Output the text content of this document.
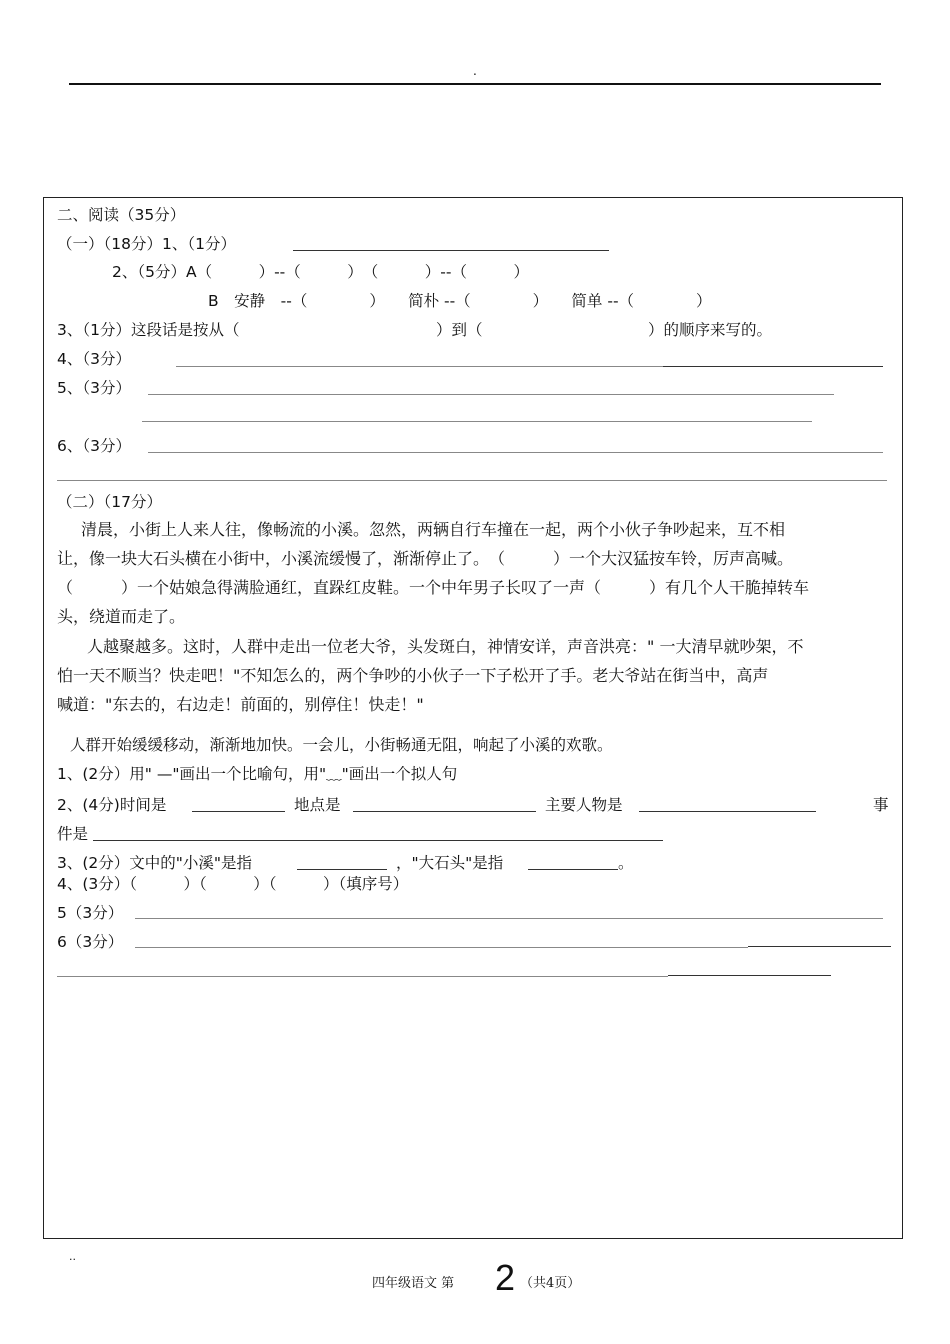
.
二、阅读（35分）
（一）（18分）1、（1分）
2、（5分）A（　　　）--（　　　）　（　　　）--（　　　）
B　安静　--（　　　　）　　简朴 --（　　　　）　　简单 --（　　　　）
3、（1分）这段话是按从（	）到（	）的顺序来写的。
4、（3分）
5、（3分）
6、（3分）
（二）（17分）
清晨，小街上人来人往，像畅流的小溪。忽然，两辆自行车撞在一起，两个小伙子争吵起来，互不相
让，像一块大石头横在小街中，小溪流缓慢了，渐渐停止了。　（　　　）一个大汉猛按车铃，厉声高喊。
（　　　）一个姑娘急得满脸通红，直跺红皮鞋。一个中年男子长叹了一声（　　　）有几个人干脆掉转车
头，绕道而走了。
人越聚越多。这时，人群中走出一位老大爷，头发斑白，神情安详，声音洪亮：" 一大清早就吵架，不
怕一天不顺当？快走吧！"不知怎么的，两个争吵的小伙子一下子松开了手。老大爷站在街当中，高声
喊道："东去的，右边走！前面的，别停住！快走！"
人群开始缓缓移动，渐渐地加快。一会儿，小街畅通无阻，响起了小溪的欢歌。
1、(2分）用" —"画出一个比喻句，用"﹏"画出一个拟人句
2、(4分)时间是	地点是	主要人物是	事
件是
3、(2分）文中的"小溪"是指	，"大石头"是指	。
4、(3分）（　　　）（　　　）（　　　）（填序号）
5（3分）
6（3分）
..
四年级语文 第 2 （共4页）
